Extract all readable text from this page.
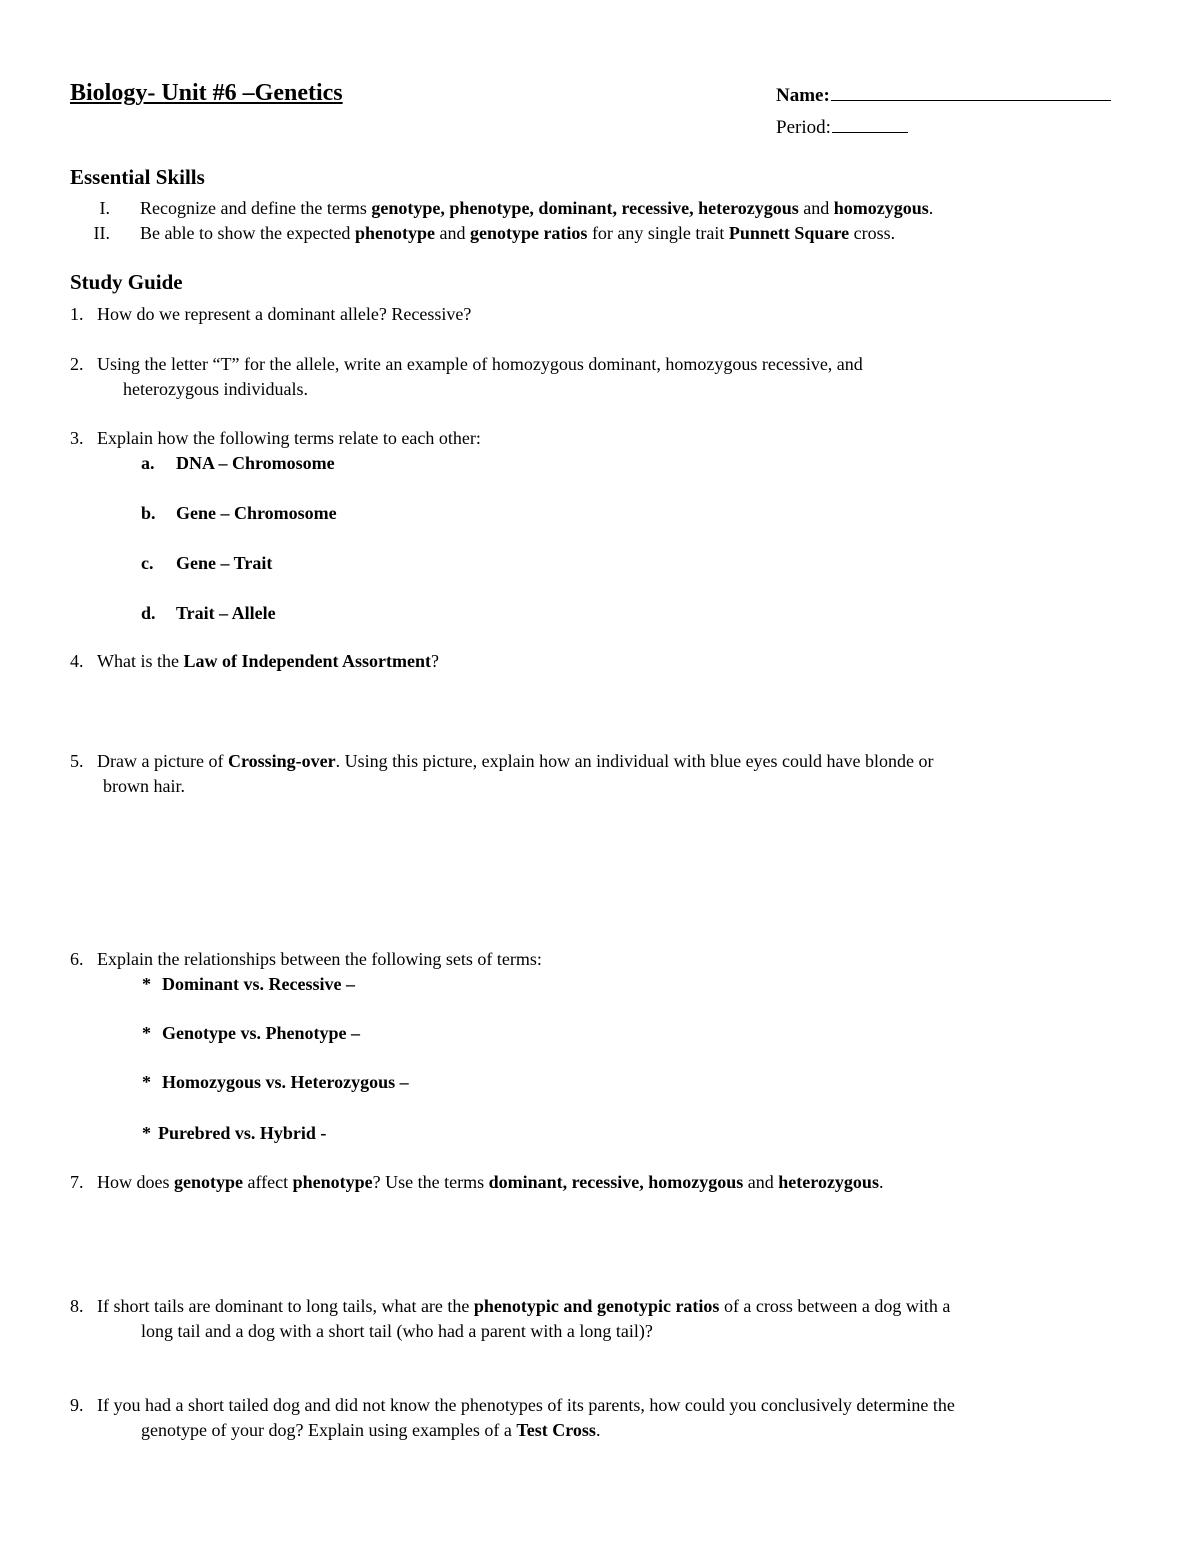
Biology- Unit #6 –Genetics	Name:

Period:

Essential Skills

I. Recognize and define the terms genotype, phenotype, dominant, recessive, heterozygous and homozygous.
II. Be able to show the expected phenotype and genotype ratios for any single trait Punnett Square cross.

Study Guide

1. How do we represent a dominant allele? Recessive?
2. Using the letter “T” for the allele, write an example of homozygous dominant, homozygous recessive, and
heterozygous individuals.
3. Explain how the following terms relate to each other:
a. DNA – Chromosome
b. Gene – Chromosome
c. Gene – Trait
d. Trait – Allele
4. What is the Law of Independent Assortment?
5. Draw a picture of Crossing-over. Using this picture, explain how an individual with blue eyes could have blonde or
brown hair.
6. Explain the relationships between the following sets of terms:
* Dominant vs. Recessive –
* Genotype vs. Phenotype –
* Homozygous vs. Heterozygous –
* Purebred vs. Hybrid -
7. How does genotype affect phenotype? Use the terms dominant, recessive, homozygous and heterozygous.
8. If short tails are dominant to long tails, what are the phenotypic and genotypic ratios of a cross between a dog with a
long tail and a dog with a short tail (who had a parent with a long tail)?
9. If you had a short tailed dog and did not know the phenotypes of its parents, how could you conclusively determine the
genotype of your dog? Explain using examples of a Test Cross.
